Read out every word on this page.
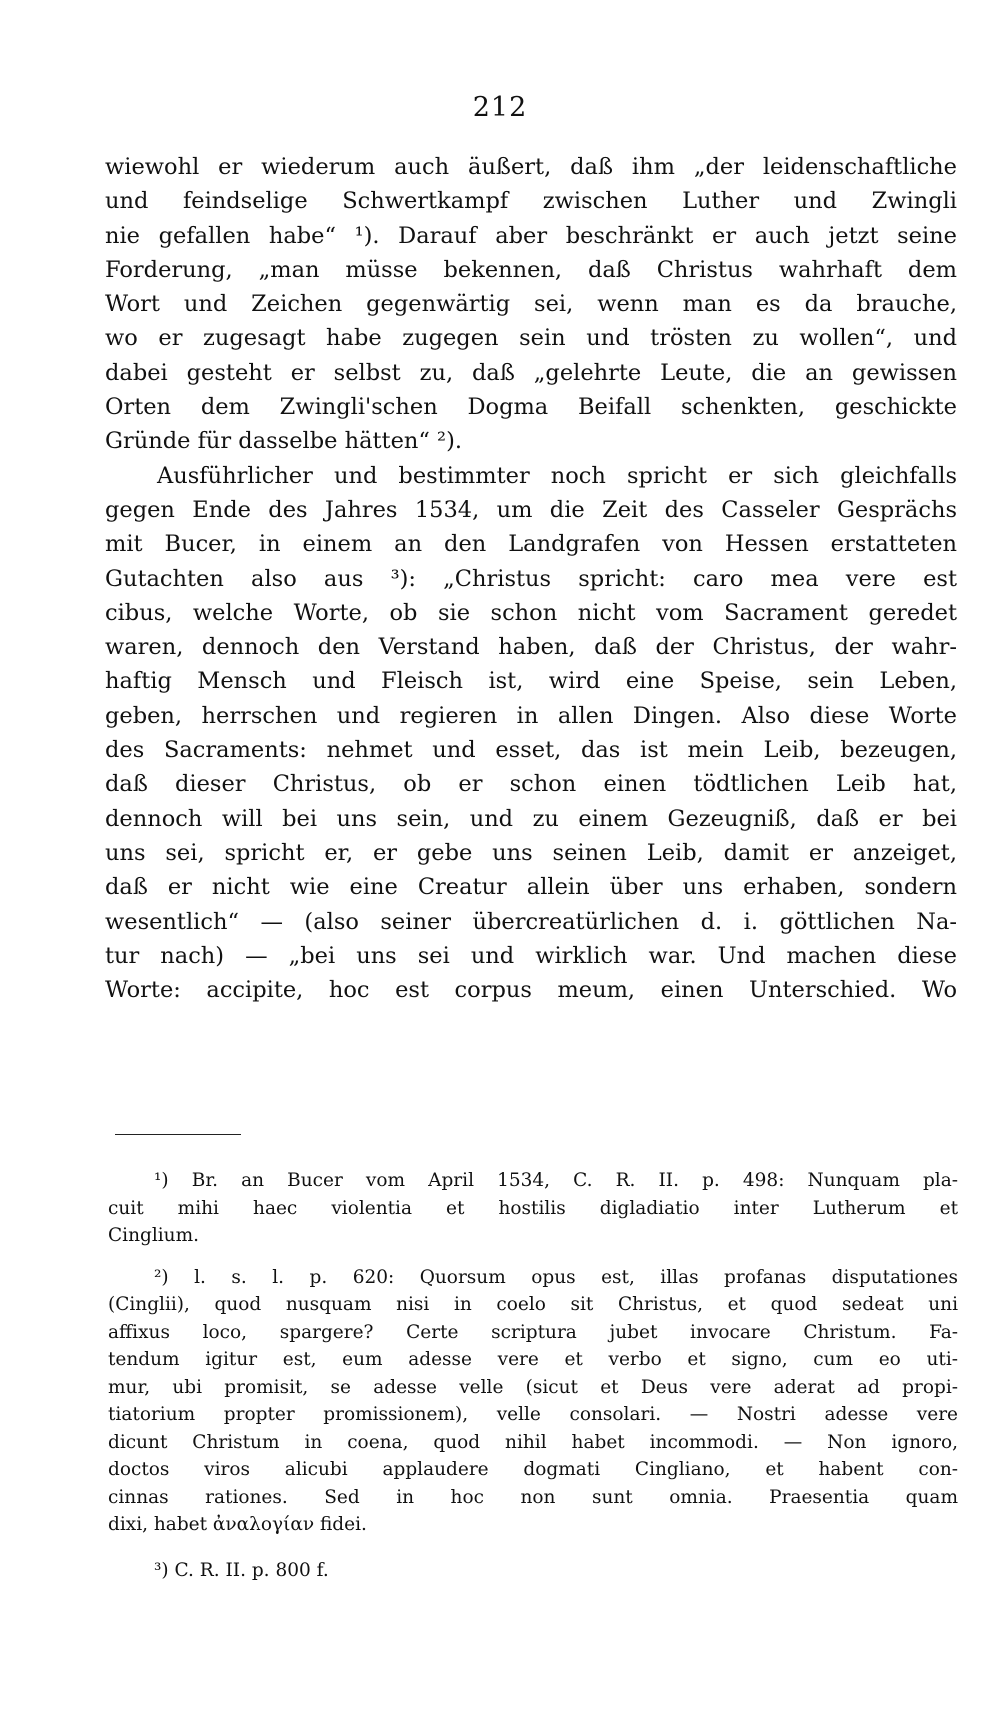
212
wiewohl er wiederum auch äußert, daß ihm „der leidenschaftliche
und feindselige Schwertkampf zwischen Luther und Zwingli
nie gefallen habe“ ¹). Darauf aber beschränkt er auch jetzt seine
Forderung, „man müsse bekennen, daß Christus wahrhaft dem
Wort und Zeichen gegenwärtig sei, wenn man es da brauche,
wo er zugesagt habe zugegen sein und trösten zu wollen“, und
dabei gesteht er selbst zu, daß „gelehrte Leute, die an gewissen
Orten dem Zwingli'schen Dogma Beifall schenkten, geschickte
Gründe für dasselbe hätten“ ²).
Ausführlicher und bestimmter noch spricht er sich gleichfalls
gegen Ende des Jahres 1534, um die Zeit des Casseler Gesprächs
mit Bucer, in einem an den Landgrafen von Hessen erstatteten
Gutachten also aus ³): „Christus spricht: caro mea vere est
cibus, welche Worte, ob sie schon nicht vom Sacrament geredet
waren, dennoch den Verstand haben, daß der Christus, der wahr-
haftig Mensch und Fleisch ist, wird eine Speise, sein Leben,
geben, herrschen und regieren in allen Dingen. Also diese Worte
des Sacraments: nehmet und esset, das ist mein Leib, bezeugen,
daß dieser Christus, ob er schon einen tödtlichen Leib hat,
dennoch will bei uns sein, und zu einem Gezeugniß, daß er bei
uns sei, spricht er, er gebe uns seinen Leib, damit er anzeiget,
daß er nicht wie eine Creatur allein über uns erhaben, sondern
wesentlich“ — (also seiner übercreatürlichen d. i. göttlichen Na-
tur nach) — „bei uns sei und wirklich war. Und machen diese
Worte: accipite, hoc est corpus meum, einen Unterschied. Wo
¹) Br. an Bucer vom April 1534, C. R. II. p. 498: Nunquam pla-
cuit mihi haec violentia et hostilis digladiatio inter Lutherum et
Cinglium.
²) l. s. l. p. 620: Quorsum opus est, illas profanas disputationes
(Cinglii), quod nusquam nisi in coelo sit Christus, et quod sedeat uni
affixus loco, spargere? Certe scriptura jubet invocare Christum. Fa-
tendum igitur est, eum adesse vere et verbo et signo, cum eo uti-
mur, ubi promisit, se adesse velle (sicut et Deus vere aderat ad propi-
tiatorium propter promissionem), velle consolari. — Nostri adesse vere
dicunt Christum in coena, quod nihil habet incommodi. — Non ignoro,
doctos viros alicubi applaudere dogmati Cingliano, et habent con-
cinnas rationes. Sed in hoc non sunt omnia. Praesentia quam
dixi, habet ἀναλογίαν fidei.
³) C. R. II. p. 800 f.
